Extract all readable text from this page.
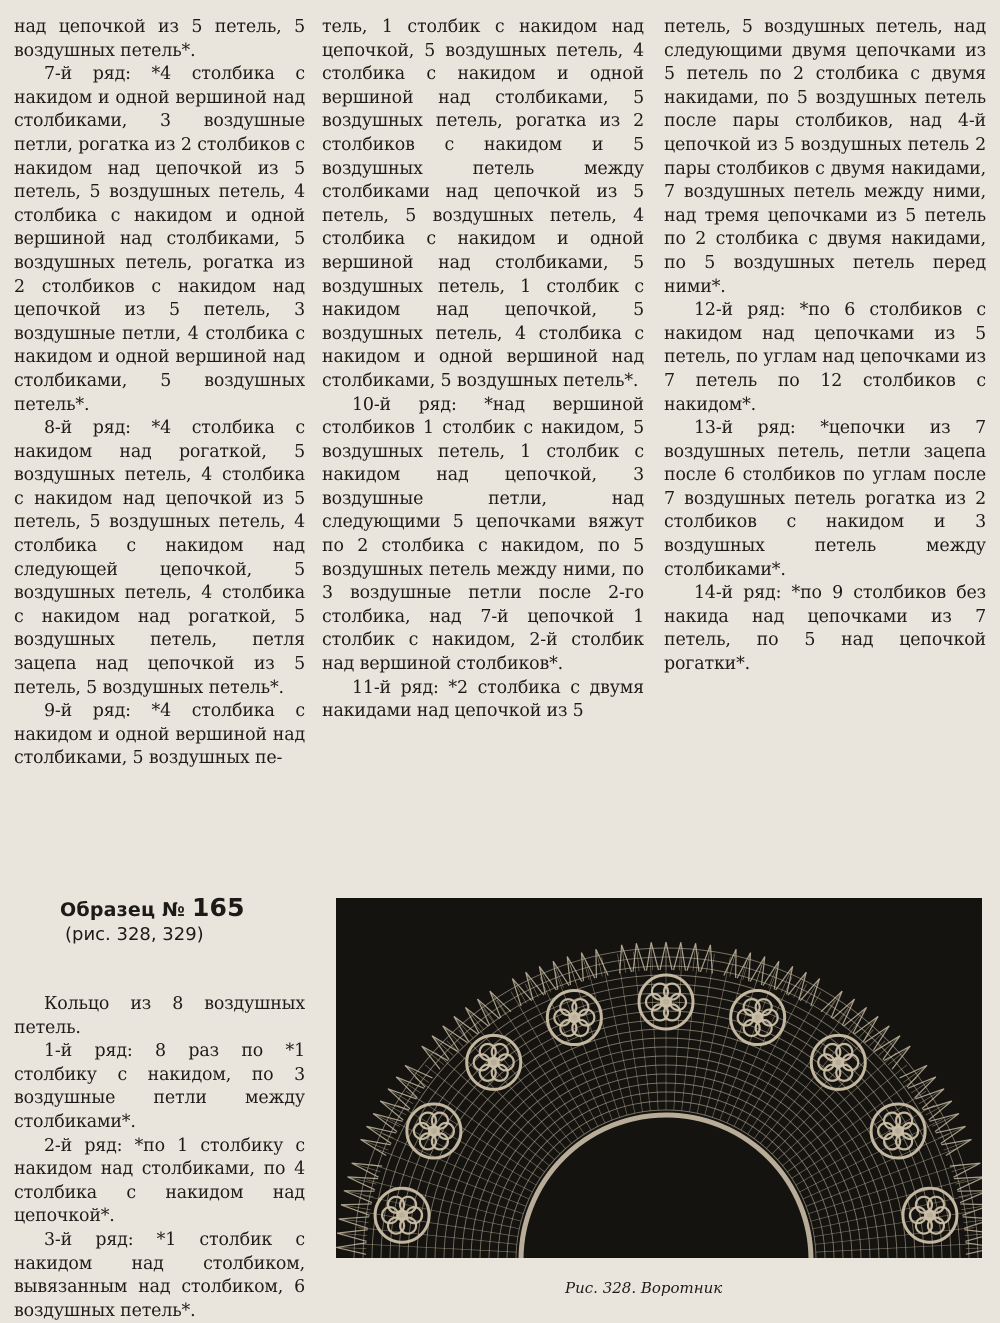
над цепочкой из 5 петель, 5 воздушных петель*.

7-й ряд: *4 столбика с накидом и одной вершиной над столбиками, 3 воздушные петли, рогатка из 2 столбиков с накидом над цепочкой из 5 петель, 5 воздушных петель, 4 столбика с накидом и одной вершиной над столбиками, 5 воздушных петель, рогатка из 2 столбиков с накидом над цепочкой из 5 петель, 3 воздушные петли, 4 столбика с накидом и одной вершиной над столбиками, 5 воздушных петель*.

8-й ряд: *4 столбика с накидом над рогаткой, 5 воздушных петель, 4 столбика с накидом над цепочкой из 5 петель, 5 воздушных петель, 4 столбика с накидом над следующей цепочкой, 5 воздушных петель, 4 столбика с накидом над рогаткой, 5 воздушных петель, петля зацепа над цепочкой из 5 петель, 5 воздушных петель*.

9-й ряд: *4 столбика с накидом и одной вершиной над столбиками, 5 воздушных пе-

тель, 1 столбик с накидом над цепочкой, 5 воздушных петель, 4 столбика с накидом и одной вершиной над столбиками, 5 воздушных петель, рогатка из 2 столбиков с накидом и 5 воздушных петель между столбиками над цепочкой из 5 петель, 5 воздушных петель, 4 столбика с накидом и одной вершиной над столбиками, 5 воздушных петель, 1 столбик с накидом над цепочкой, 5 воздушных петель, 4 столбика с накидом и одной вершиной над столбиками, 5 воздушных петель*.

10-й ряд: *над вершиной столбиков 1 столбик с накидом, 5 воздушных петель, 1 столбик с накидом над цепочкой, 3 воздушные петли, над следующими 5 цепочками вяжут по 2 столбика с накидом, по 5 воздушных петель между ними, по 3 воздушные петли после 2-го столбика, над 7-й цепочкой 1 столбик с накидом, 2-й столбик над вершиной столбиков*.

11-й ряд: *2 столбика с двумя накидами над цепочкой из 5

петель, 5 воздушных петель, над следующими двумя цепочками из 5 петель по 2 столбика с двумя накидами, по 5 воздушных петель после пары столбиков, над 4-й цепочкой из 5 воздушных петель 2 пары столбиков с двумя накидами, 7 воздушных петель между ними, над тремя цепочками из 5 петель по 2 столбика с двумя накидами, по 5 воздушных петель перед ними*.

12-й ряд: *по 6 столбиков с накидом над цепочками из 5 петель, по углам над цепочками из 7 петель по 12 столбиков с накидом*.

13-й ряд: *цепочки из 7 воздушных петель, петли зацепа после 6 столбиков по углам после 7 воздушных петель рогатка из 2 столбиков с накидом и 3 воздушных петель между столбиками*.

14-й ряд: *по 9 столбиков без накида над цепочками из 7 петель, по 5 над цепочкой рогатки*.

Образец № 165
(рис. 328, 329)

Кольцо из 8 воздушных петель.

1-й ряд: 8 раз по *1 столбику с накидом, по 3 воздушные петли между столбиками*.

2-й ряд: *по 1 столбику с накидом над столбиками, по 4 столбика с накидом над цепочкой*.

3-й ряд: *1 столбик с накидом над столбиком, вывязанным над столбиком, 6 воздушных петель*.

Рис. 328. Воротник
